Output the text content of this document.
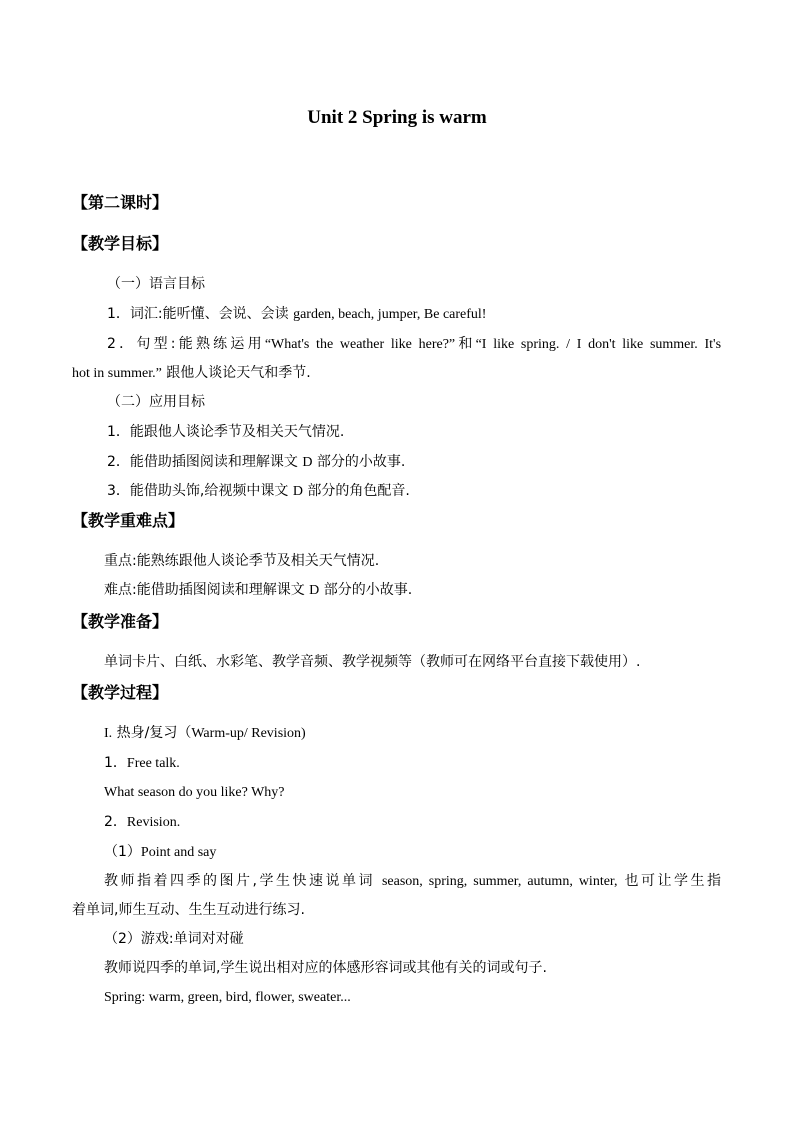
Unit 2 Spring is warm
【第二课时】
【教学目标】
（一）语言目标
1．词汇:能听懂、会说、会读 garden, beach, jumper, Be careful!
2．句型:能熟练运用“What's the weather like here?”和“I like spring. / I don't like summer. It's
hot in summer.” 跟他人谈论天气和季节.
（二）应用目标
1．能跟他人谈论季节及相关天气情况.
2．能借助插图阅读和理解课文 D 部分的小故事.
3．能借助头饰,给视频中课文 D 部分的角色配音.
【教学重难点】
重点:能熟练跟他人谈论季节及相关天气情况.
难点:能借助插图阅读和理解课文 D 部分的小故事.
【教学准备】
单词卡片、白纸、水彩笔、教学音频、教学视频等（教师可在网络平台直接下载使用）.
【教学过程】
I. 热身/复习（Warm-up/ Revision)
1．Free talk.
What season do you like? Why?
2．Revision.
（1）Point and say
教师指着四季的图片,学生快速说单词 season, spring, summer, autumn, winter, 也可让学生指
着单词,师生互动、生生互动进行练习.
（2）游戏:单词对对碰
教师说四季的单词,学生说出相对应的体感形容词或其他有关的词或句子.
Spring: warm, green, bird, flower, sweater...
